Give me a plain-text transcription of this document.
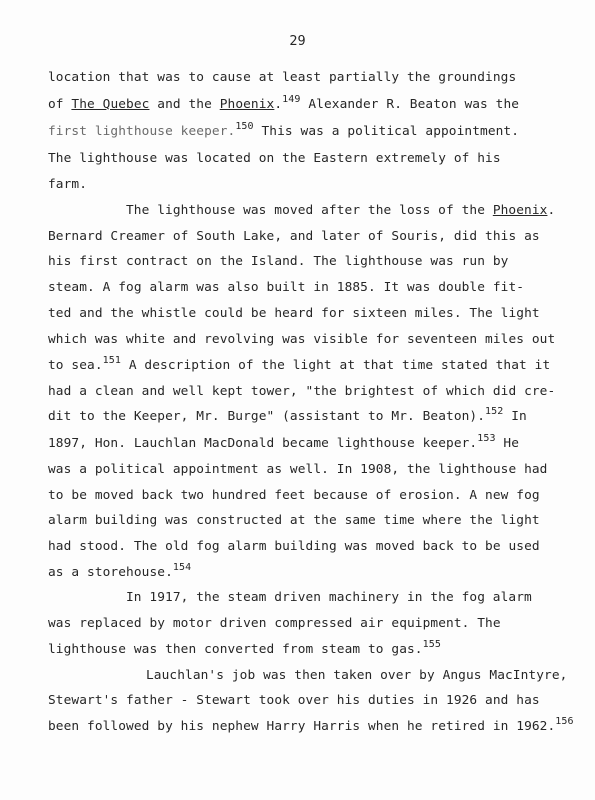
29
location that was to cause at least partially the groundings
of The Quebec and the Phoenix.$^{149}$ Alexander R. Beaton was the
first lighthouse keeper.$^{150}$ This was a political appointment.
The lighthouse was located on the Eastern extremely of his
farm.
The lighthouse was moved after the loss of the Phoenix.
Bernard Creamer of South Lake, and later of Souris, did this as
his first contract on the Island. The lighthouse was run by
steam. A fog alarm was also built in 1885. It was double fit-
ted and the whistle could be heard for sixteen miles. The light
which was white and revolving was visible for seventeen miles out
to sea.$^{151}$ A description of the light at that time stated that it
had a clean and well kept tower, "the brightest of which did cre-
dit to the Keeper, Mr. Burge" (assistant to Mr. Beaton).$^{152}$ In
1897, Hon. Lauchlan MacDonald became lighthouse keeper.$^{153}$ He
was a political appointment as well. In 1908, the lighthouse had
to be moved back two hundred feet because of erosion. A new fog
alarm building was constructed at the same time where the light
had stood. The old fog alarm building was moved back to be used
as a storehouse.$^{154}$
In 1917, the steam driven machinery in the fog alarm
was replaced by motor driven compressed air equipment. The
lighthouse was then converted from steam to gas.$^{155}$
Lauchlan's job was then taken over by Angus MacIntyre,
Stewart's father - Stewart took over his duties in 1926 and has
been followed by his nephew Harry Harris when he retired in 1962.$^{156}$
